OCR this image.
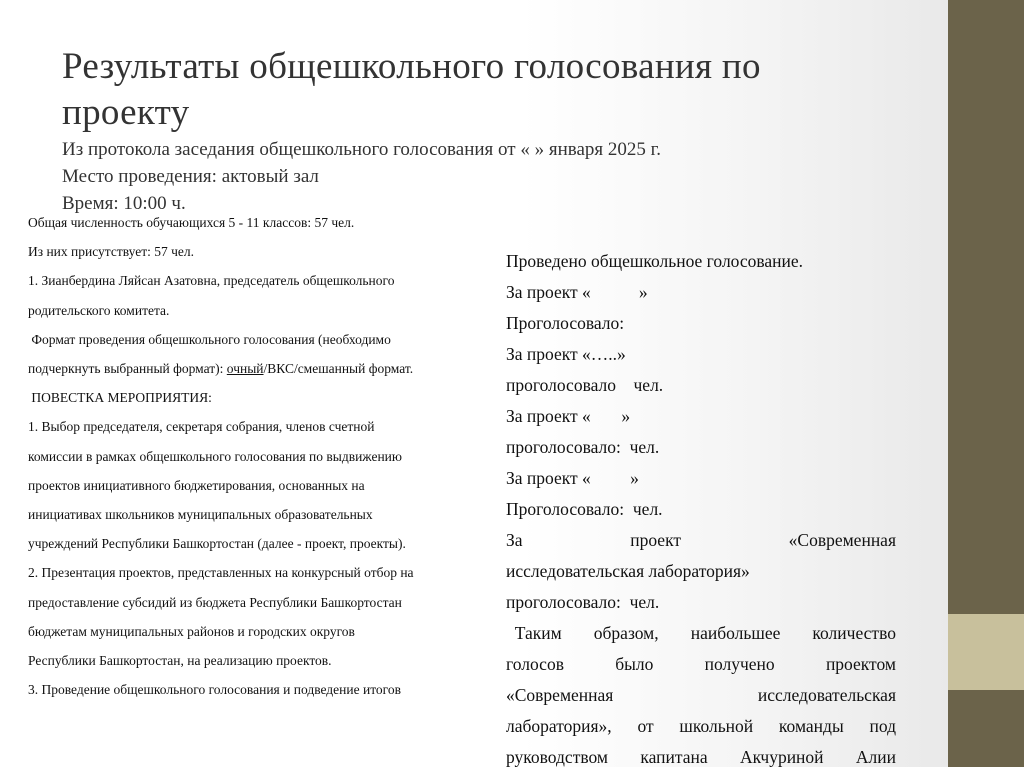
Результаты общешкольного голосования по
проекту
Из протокола заседания общешкольного голосования от « » января 2025 г.
Место проведения: актовый зал
Время: 10:00 ч.
Общая численность обучающихся 5 - 11 классов: 57 чел.
Из них присутствует: 57 чел.
1. Зианбердина Ляйсан Азатовна, председатель общешкольного
родительского комитета.
Формат проведения общешкольного голосования (необходимо
подчеркнуть выбранный формат): очный/ВКС/смешанный формат.
ПОВЕСТКА МЕРОПРИЯТИЯ:
1. Выбор председателя, секретаря собрания, членов счетной
комиссии в рамках общешкольного голосования по выдвижению
проектов инициативного бюджетирования, основанных на
инициативах школьников муниципальных образовательных
учреждений Республики Башкортостан (далее - проект, проекты).
2. Презентация проектов, представленных на конкурсный отбор на
предоставление субсидий из бюджета Республики Башкортостан
бюджетам муниципальных районов и городских округов
Республики Башкортостан, на реализацию проектов.
3. Проведение общешкольного голосования и подведение итогов
Проведено общешкольное голосование.
За проект «           »
Проголосовало:
За проект «…..»
проголосовало    чел.
За проект «       »
проголосовало:  чел.
За проект «         »
Проголосовало:  чел.
За	проект	«Современная
исследовательская лаборатория»
проголосовало:  чел.
Таким образом, наибольшее количество
голосов	было	получено	проектом
«Современная	исследовательская
лаборатория», от школьной команды под
руководством капитана Акчуриной Алии
